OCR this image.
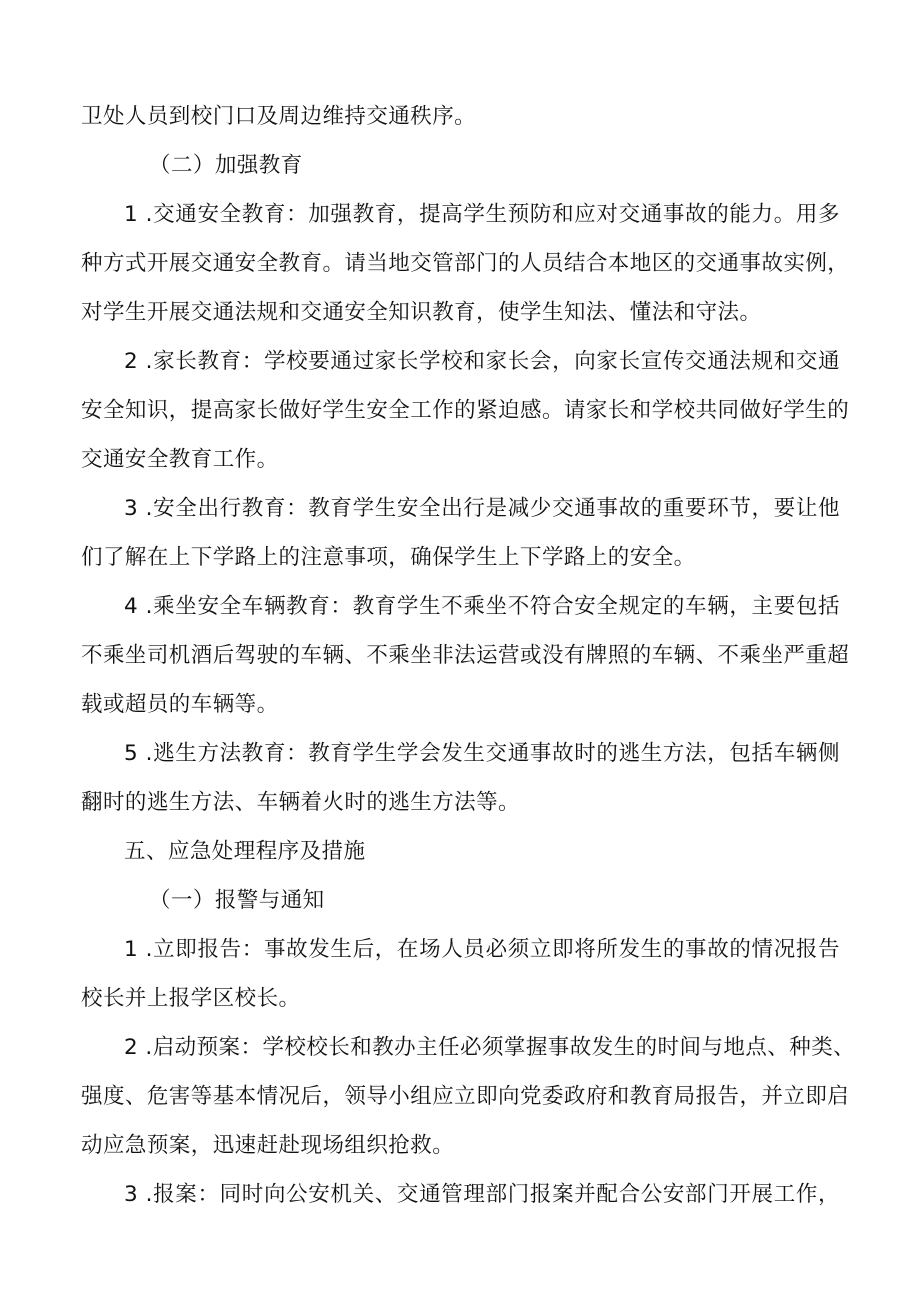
卫处人员到校门口及周边维持交通秩序。
（二）加强教育
1 .交通安全教育：加强教育，提高学生预防和应对交通事故的能力。用多
种方式开展交通安全教育。请当地交管部门的人员结合本地区的交通事故实例，
对学生开展交通法规和交通安全知识教育，使学生知法、懂法和守法。
2 .家长教育：学校要通过家长学校和家长会，向家长宣传交通法规和交通
安全知识，提高家长做好学生安全工作的紧迫感。请家长和学校共同做好学生的
交通安全教育工作。
3 .安全出行教育：教育学生安全出行是减少交通事故的重要环节，要让他
们了解在上下学路上的注意事项，确保学生上下学路上的安全。
4 .乘坐安全车辆教育：教育学生不乘坐不符合安全规定的车辆，主要包括
不乘坐司机酒后驾驶的车辆、不乘坐非法运营或没有牌照的车辆、不乘坐严重超
载或超员的车辆等。
5 .逃生方法教育：教育学生学会发生交通事故时的逃生方法，包括车辆侧
翻时的逃生方法、车辆着火时的逃生方法等。
五、应急处理程序及措施
（一）报警与通知
1 .立即报告：事故发生后，在场人员必须立即将所发生的事故的情况报告
校长并上报学区校长。
2 .启动预案：学校校长和教办主任必须掌握事故发生的时间与地点、种类、
强度、危害等基本情况后，领导小组应立即向党委政府和教育局报告，并立即启
动应急预案，迅速赶赴现场组织抢救。
3 .报案：同时向公安机关、交通管理部门报案并配合公安部门开展工作，
